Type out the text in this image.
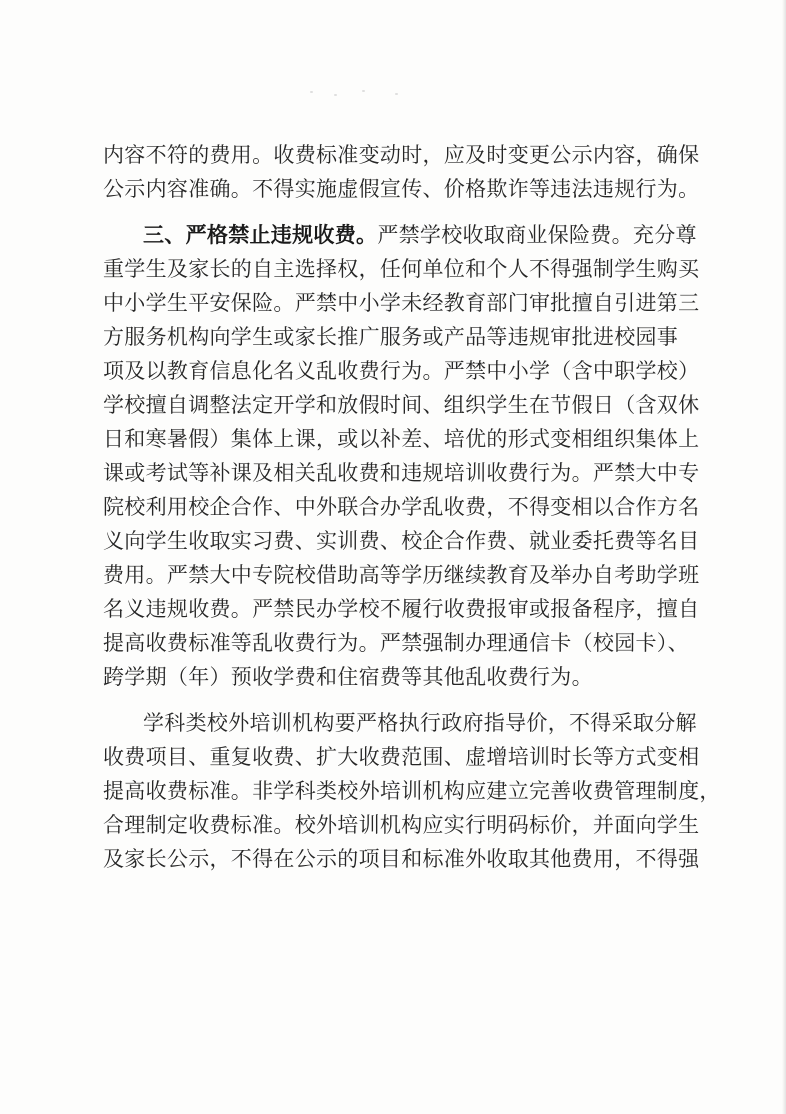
内容不符的费用。收费标准变动时，应及时变更公示内容，确保
公示内容准确。不得实施虚假宣传、价格欺诈等违法违规行为。
三、严格禁止违规收费。严禁学校收取商业保险费。充分尊
重学生及家长的自主选择权，任何单位和个人不得强制学生购买
中小学生平安保险。严禁中小学未经教育部门审批擅自引进第三
方服务机构向学生或家长推广服务或产品等违规审批进校园事
项及以教育信息化名义乱收费行为。严禁中小学（含中职学校）
学校擅自调整法定开学和放假时间、组织学生在节假日（含双休
日和寒暑假）集体上课，或以补差、培优的形式变相组织集体上
课或考试等补课及相关乱收费和违规培训收费行为。严禁大中专
院校利用校企合作、中外联合办学乱收费，不得变相以合作方名
义向学生收取实习费、实训费、校企合作费、就业委托费等名目
费用。严禁大中专院校借助高等学历继续教育及举办自考助学班
名义违规收费。严禁民办学校不履行收费报审或报备程序，擅自
提高收费标准等乱收费行为。严禁强制办理通信卡（校园卡）、
跨学期（年）预收学费和住宿费等其他乱收费行为。
学科类校外培训机构要严格执行政府指导价，不得采取分解
收费项目、重复收费、扩大收费范围、虚增培训时长等方式变相
提高收费标准。非学科类校外培训机构应建立完善收费管理制度，
合理制定收费标准。校外培训机构应实行明码标价，并面向学生
及家长公示，不得在公示的项目和标准外收取其他费用，不得强
